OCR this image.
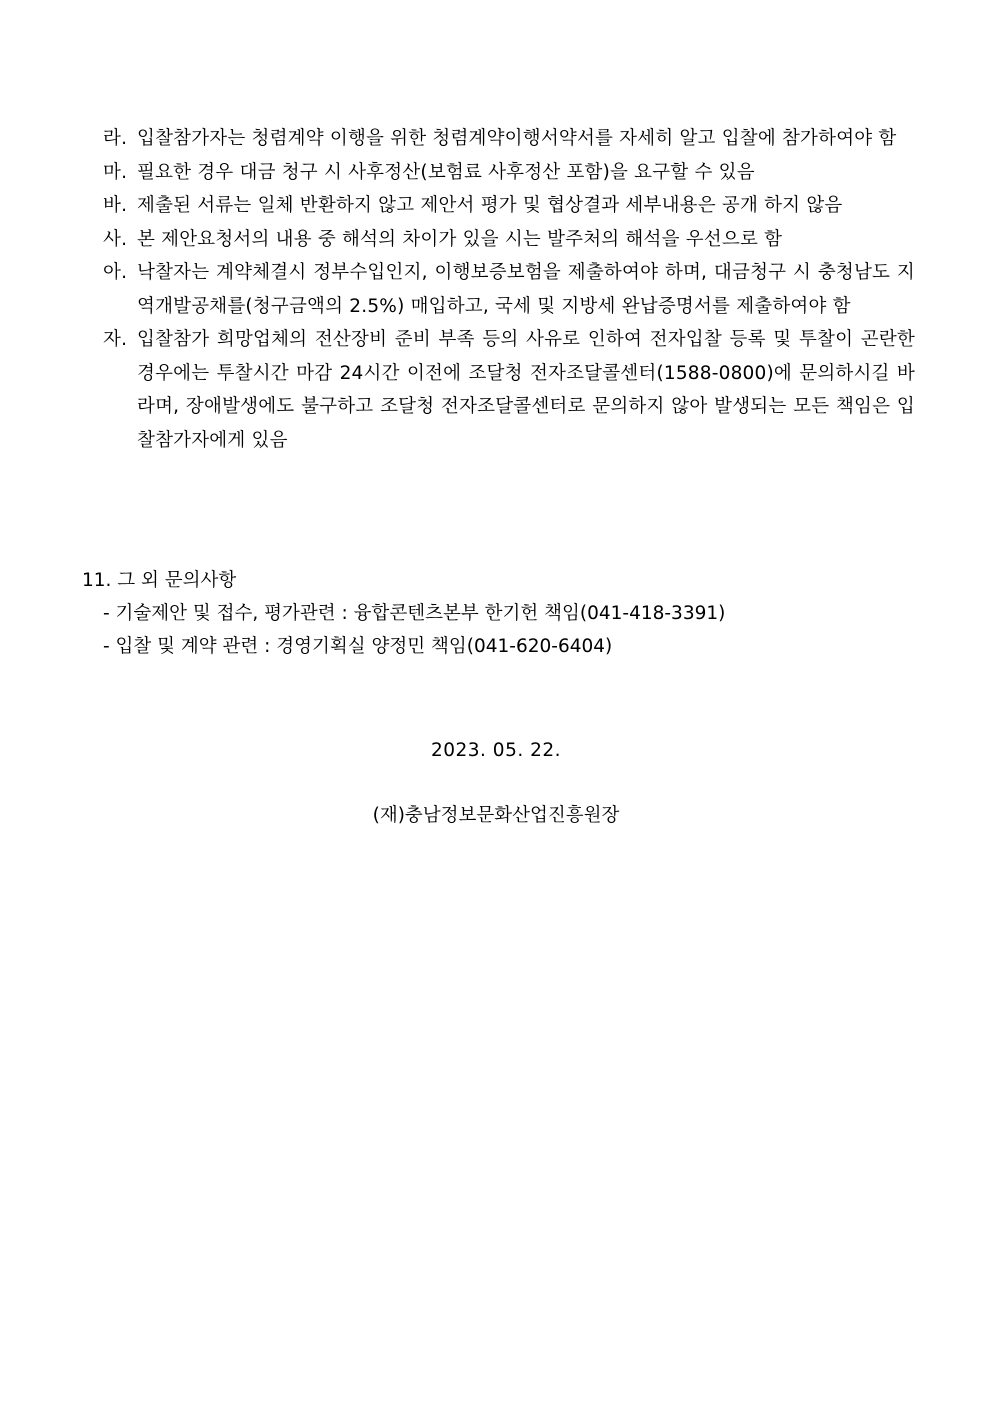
라. 입찰참가자는 청렴계약 이행을 위한 청렴계약이행서약서를 자세히 알고 입찰에 참가하여야 함
마. 필요한 경우 대금 청구 시 사후정산(보험료 사후정산 포함)을 요구할 수 있음
바. 제출된 서류는 일체 반환하지 않고 제안서 평가 및 협상결과 세부내용은 공개 하지 않음
사. 본 제안요청서의 내용 중 해석의 차이가 있을 시는 발주처의 해석을 우선으로 함
아. 낙찰자는 계약체결시 정부수입인지, 이행보증보험을 제출하여야 하며, 대금청구 시 충청남도 지역개발공채를(청구금액의 2.5%) 매입하고, 국세 및 지방세 완납증명서를 제출하여야 함
자. 입찰참가 희망업체의 전산장비 준비 부족 등의 사유로 인하여 전자입찰 등록 및 투찰이 곤란한 경우에는 투찰시간 마감 24시간 이전에 조달청 전자조달콜센터(1588-0800)에 문의하시길 바라며, 장애발생에도 불구하고 조달청 전자조달콜센터로 문의하지 않아 발생되는 모든 책임은 입찰참가자에게 있음
11. 그 외 문의사항
- 기술제안 및 접수, 평가관련 : 융합콘텐츠본부 한기헌 책임(041-418-3391)
- 입찰 및 계약 관련 : 경영기획실 양정민 책임(041-620-6404)
2023. 05. 22.
(재)충남정보문화산업진흥원장
